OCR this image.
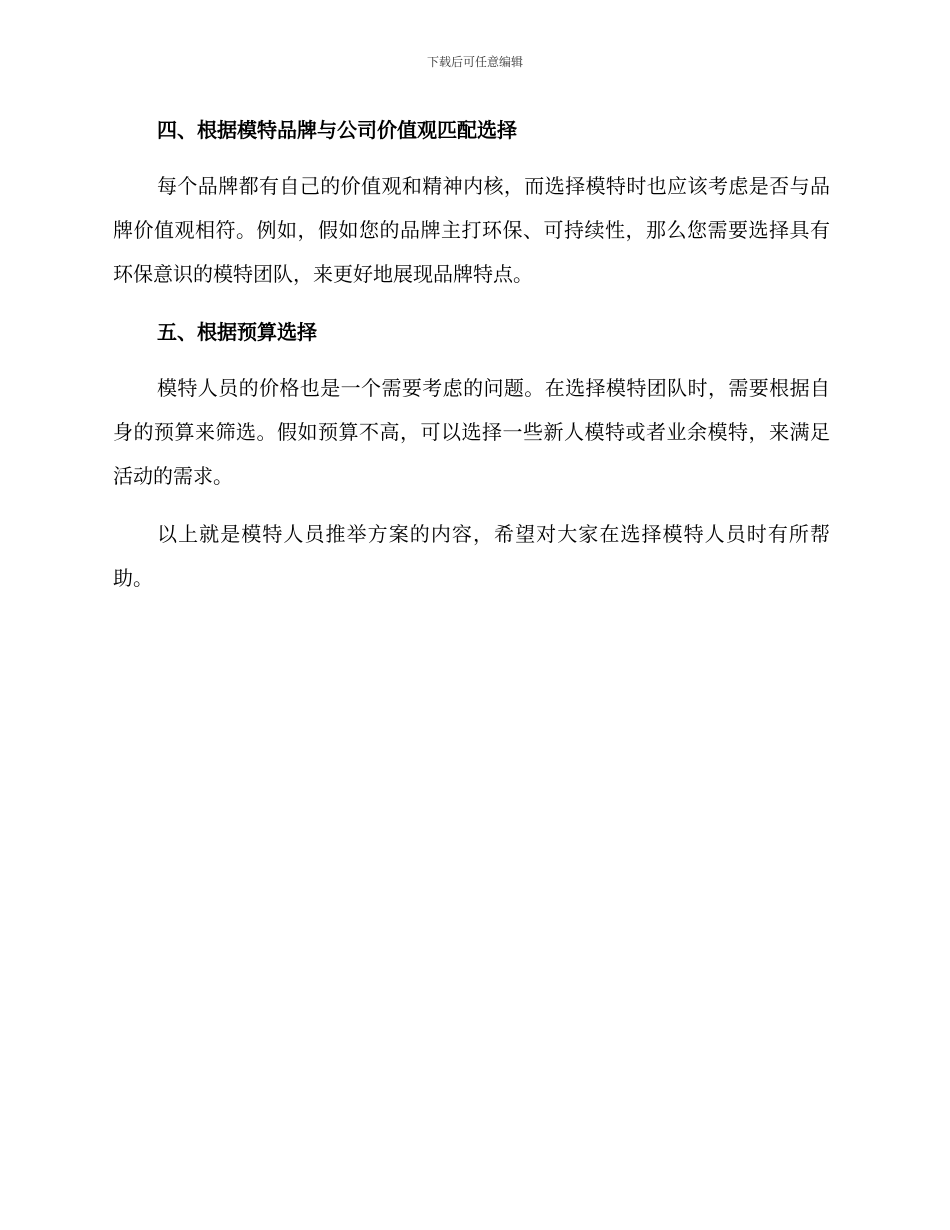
下载后可任意编辑
四、根据模特品牌与公司价值观匹配选择

每个品牌都有自己的价值观和精神内核，而选择模特时也应该考虑是否与品牌价值观相符。例如，假如您的品牌主打环保、可持续性，那么您需要选择具有环保意识的模特团队，来更好地展现品牌特点。

五、根据预算选择

模特人员的价格也是一个需要考虑的问题。在选择模特团队时，需要根据自身的预算来筛选。假如预算不高，可以选择一些新人模特或者业余模特，来满足活动的需求。

以上就是模特人员推举方案的内容，希望对大家在选择模特人员时有所帮助。
